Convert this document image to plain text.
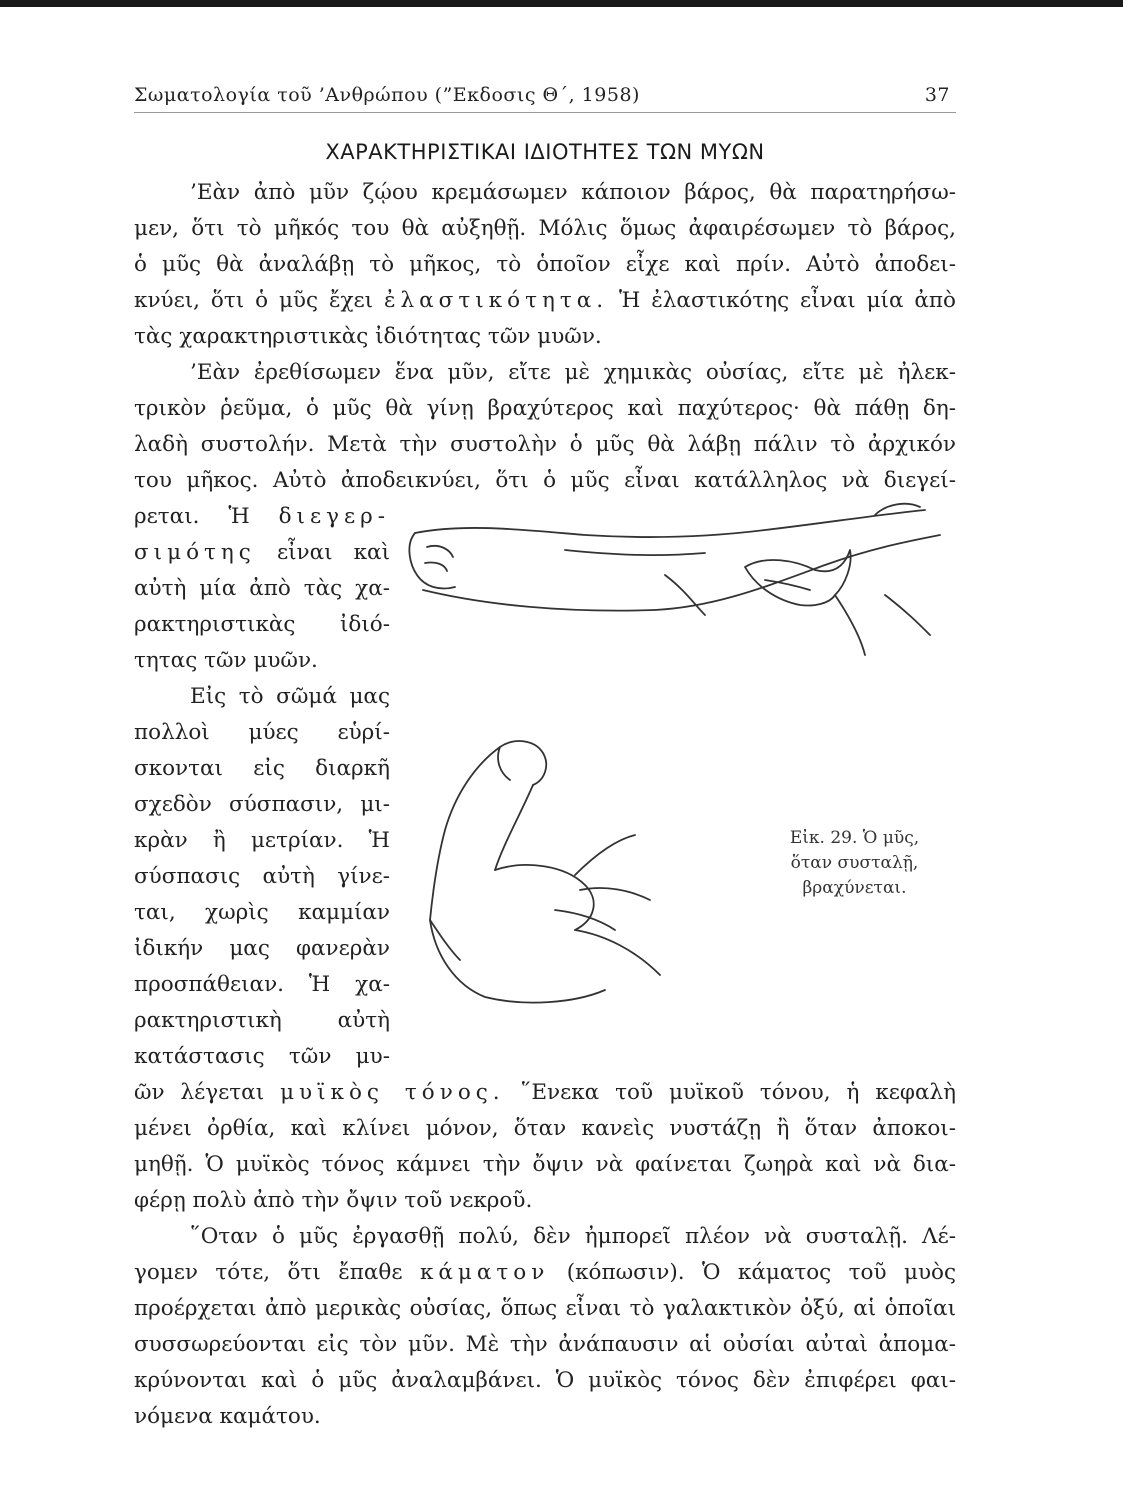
Σωματολογία τοῦ ’Ανθρώπου (”Εκδοσις Θ΄, 1958)	37
ΧΑΡΑΚΤΗΡΙΣΤΙΚΑΙ ΙΔΙΟΤΗΤΕΣ ΤΩΝ ΜΥΩΝ
’Εὰν ἀπὸ μῦν ζῴου κρεμάσωμεν κάποιον βάρος, θὰ παρατηρήσω-
μεν, ὅτι τὸ μῆκός του θὰ αὐξηθῇ. Μόλις ὅμως ἀφαιρέσωμεν τὸ βάρος,
ὁ μῦς θὰ ἀναλάβῃ τὸ μῆκος, τὸ ὁποῖον εἶχε καὶ πρίν. Αὐτὸ ἀποδει-
κνύει, ὅτι ὁ μῦς ἔχει ἐλαστικότητα. Ἡ ἐλαστικότης εἶναι μία ἀπὸ
τὰς χαρακτηριστικὰς ἰδιότητας τῶν μυῶν.
’Εὰν ἐρεθίσωμεν ἕνα μῦν, εἴτε μὲ χημικὰς οὐσίας, εἴτε μὲ ἠλεκ-
τρικὸν ῥεῦμα, ὁ μῦς θὰ γίνῃ βραχύτερος καὶ παχύτερος· θὰ πάθῃ δη-
λαδὴ συστολήν. Μετὰ τὴν συστολὴν ὁ μῦς θὰ λάβῃ πάλιν τὸ ἀρχικόν
του μῆκος. Αὐτὸ ἀποδεικνύει, ὅτι ὁ μῦς εἶναι κατάλληλος νὰ διεγεί-
ρεται. Ἡ διεγερ-
σιμότης εἶναι καὶ
αὐτὴ μία ἀπὸ τὰς χα-
ρακτηριστικὰς ἰδιό-
τητας τῶν μυῶν.
Εἰς τὸ σῶμά μας
πολλοὶ μύες εὑρί-
σκονται εἰς διαρκῆ
σχεδὸν σύσπασιν, μι-
κρὰν ἢ μετρίαν. Ἡ
σύσπασις αὐτὴ γίνε-
ται, χωρὶς καμμίαν
ἰδικήν μας φανερὰν
προσπάθειαν. Ἡ χα-
ρακτηριστικὴ αὐτὴ
κατάστασις τῶν μυ-
ῶν λέγεται μυϊκὸς τόνος. ῞Ενεκα τοῦ μυϊκοῦ τόνου, ἡ κεφαλὴ
μένει ὀρθία, καὶ κλίνει μόνον, ὅταν κανεὶς νυστάζῃ ἢ ὅταν ἀποκοι-
μηθῇ. Ὁ μυϊκὸς τόνος κάμνει τὴν ὄψιν νὰ φαίνεται ζωηρὰ καὶ νὰ δια-
φέρῃ πολὺ ἀπὸ τὴν ὄψιν τοῦ νεκροῦ.
῞Οταν ὁ μῦς ἐργασθῇ πολύ, δὲν ἠμπορεῖ πλέον νὰ συσταλῇ. Λέ-
γομεν τότε, ὅτι ἔπαθε κάματον (κόπωσιν). Ὁ κάματος τοῦ μυὸς
προέρχεται ἀπὸ μερικὰς οὐσίας, ὅπως εἶναι τὸ γαλακτικὸν ὀξύ, αἱ ὁποῖαι
συσσωρεύονται εἰς τὸν μῦν. Μὲ τὴν ἀνάπαυσιν αἱ οὐσίαι αὐταὶ ἀπομα-
κρύνονται καὶ ὁ μῦς ἀναλαμβάνει. Ὁ μυϊκὸς τόνος δὲν ἐπιφέρει φαι-
νόμενα καμάτου.
Εἰκ. 29. Ὁ μῦς,
ὅταν συσταλῇ,
βραχύνεται.
